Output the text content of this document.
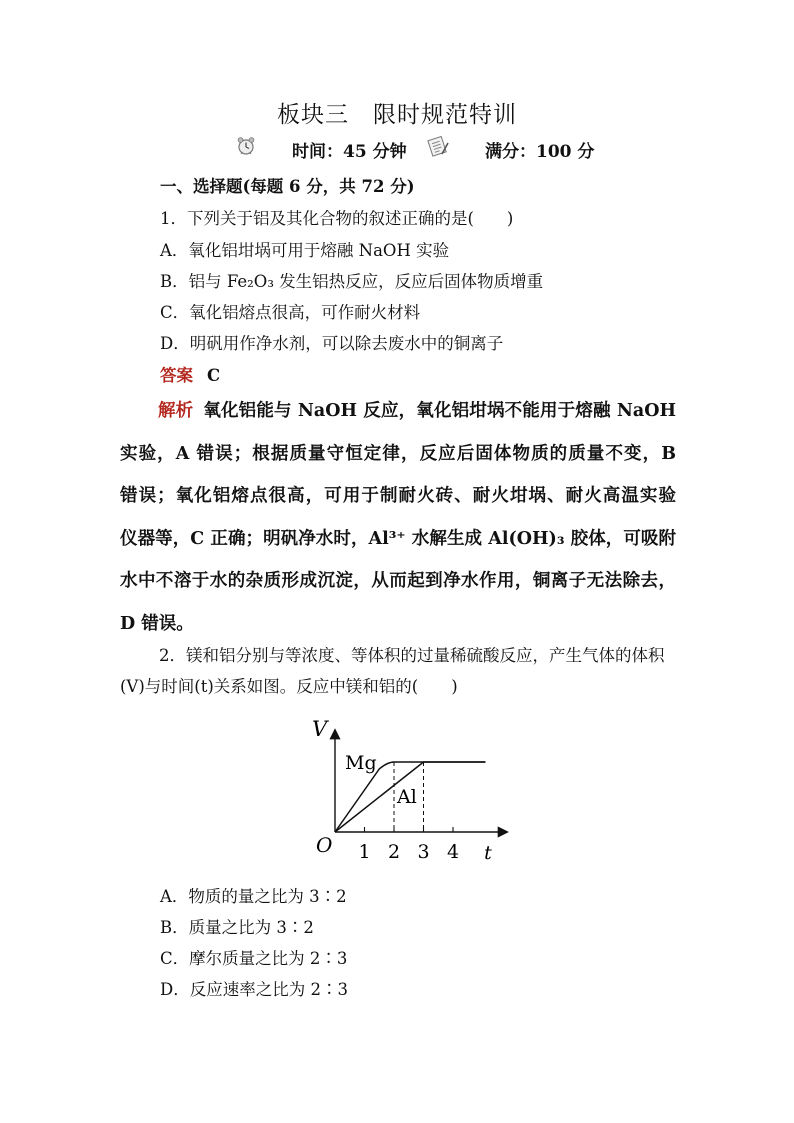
板块三　限时规范特训
时间：45 分钟	满分：100 分
一、选择题(每题 6 分，共 72 分)
1．下列关于铝及其化合物的叙述正确的是(　　)
A．氧化铝坩埚可用于熔融 NaOH 实验
B．铝与 Fe₂O₃ 发生铝热反应，反应后固体物质增重
C．氧化铝熔点很高，可作耐火材料
D．明矾用作净水剂，可以除去废水中的铜离子
答案 C
解析 氧化铝能与 NaOH 反应，氧化铝坩埚不能用于熔融 NaOH
实验，A 错误；根据质量守恒定律，反应后固体物质的质量不变，B
错误；氧化铝熔点很高，可用于制耐火砖、耐火坩埚、耐火高温实验
仪器等，C 正确；明矾净水时，Al³⁺ 水解生成 Al(OH)₃ 胶体，可吸附
水中不溶于水的杂质形成沉淀，从而起到净水作用，铜离子无法除去，
D 错误。
2．镁和铝分别与等浓度、等体积的过量稀硫酸反应，产生气体的体积(V)与时间(t)关系如图。反应中镁和铝的(　　)
V
t
O 1 2 3 4
Mg
Al
A．物质的量之比为 3∶2
B．质量之比为 3∶2
C．摩尔质量之比为 2∶3
D．反应速率之比为 2∶3
